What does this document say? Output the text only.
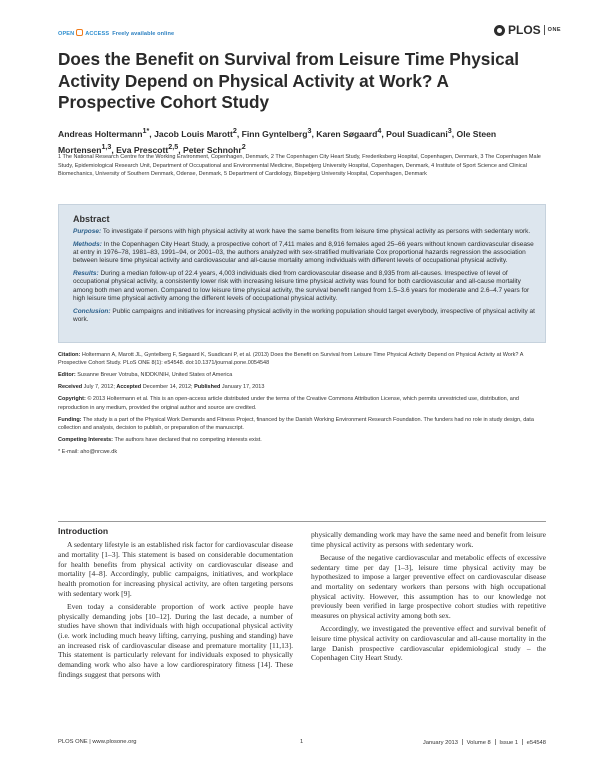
OPEN ACCESS Freely available online	PLOS ONE
Does the Benefit on Survival from Leisure Time Physical Activity Depend on Physical Activity at Work? A Prospective Cohort Study

Andreas Holtermann$^{1*}$, Jacob Louis Marott$^2$, Finn Gyntelberg$^3$, Karen Søgaard$^4$, Poul Suadicani$^3$, Ole Steen Mortensen$^{1,3}$, Eva Prescott$^{2,5}$, Peter Schnohr$^2$

1 The National Research Centre for the Working Environment, Copenhagen, Denmark, 2 The Copenhagen City Heart Study, Frederiksberg Hospital, Copenhagen, Denmark, 3 The Copenhagen Male Study, Epidemiological Research Unit, Department of Occupational and Environmental Medicine, Bispebjerg University Hospital, Copenhagen, Denmark, 4 Institute of Sport Science and Clinical Biomechanics, University of Southern Denmark, Odense, Denmark, 5 Department of Cardiology, Bispebjerg University Hospital, Copenhagen, Denmark

Abstract

Purpose: To investigate if persons with high physical activity at work have the same benefits from leisure time physical activity as persons with sedentary work.

Methods: In the Copenhagen City Heart Study, a prospective cohort of 7,411 males and 8,916 females aged 25–66 years without known cardiovascular disease at entry in 1976–78, 1981–83, 1991–94, or 2001–03, the authors analyzed with sex-stratified multivariate Cox proportional hazards regression the association between leisure time physical activity and cardiovascular and all-cause mortality among individuals with different levels of occupational physical activity.

Results: During a median follow-up of 22.4 years, 4,003 individuals died from cardiovascular disease and 8,935 from all-causes. Irrespective of level of occupational physical activity, a consistently lower risk with increasing leisure time physical activity was found for both cardiovascular and all-cause mortality among both men and women. Compared to low leisure time physical activity, the survival benefit ranged from 1.5–3.6 years for moderate and 2.6–4.7 years for high leisure time physical activity among the different levels of occupational physical activity.

Conclusion: Public campaigns and initiatives for increasing physical activity in the working population should target everybody, irrespective of physical activity at work.

Citation: Holtermann A, Marott JL, Gyntelberg F, Søgaard K, Suadicani P, et al. (2013) Does the Benefit on Survival from Leisure Time Physical Activity Depend on Physical Activity at Work? A Prospective Cohort Study. PLoS ONE 8(1): e54548. doi:10.1371/journal.pone.0054548

Editor: Susanne Breuer Votruba, NIDDK/NIH, United States of America

Received July 7, 2012; Accepted December 14, 2012; Published January 17, 2013

Copyright: © 2013 Holtermann et al. This is an open-access article distributed under the terms of the Creative Commons Attribution License, which permits unrestricted use, distribution, and reproduction in any medium, provided the original author and source are credited.

Funding: The study is a part of the Physical Work Demands and Fitness Project, financed by the Danish Working Environment Research Foundation. The funders had no role in study design, data collection and analysis, decision to publish, or preparation of the manuscript.

Competing Interests: The authors have declared that no competing interests exist.

* E-mail: aho@nrcwe.dk

Introduction

A sedentary lifestyle is an established risk factor for cardiovascular disease and mortality [1–3]. This statement is based on considerable documentation for health benefits from physical activity on cardiovascular disease and mortality [4–8]. Accordingly, public campaigns, initiatives, and workplace health promotion for increasing physical activity, are often targeting persons with sedentary work [9].

Even today a considerable proportion of work active people have physically demanding jobs [10–12]. During the last decade, a number of studies have shown that individuals with high occupational physical activity (i.e. work including much heavy lifting, carrying, pushing and standing) have an increased risk of cardiovascular disease and premature mortality [11,13]. This statement is particularly relevant for individuals exposed to physically demanding work who also have a low cardiorespiratory fitness [14]. These findings suggest that persons with

physically demanding work may have the same need and benefit from leisure time physical activity as persons with sedentary work.

Because of the negative cardiovascular and metabolic effects of excessive sedentary time per day [1–3], leisure time physical activity may be hypothesized to impose a larger preventive effect on cardiovascular disease and mortality on sedentary workers than persons with high occupational physical activity. However, this assumption has to our knowledge not previously been verified in large prospective cohort studies with repetitive measures on physical activity among both sex.

Accordingly, we investigated the preventive effect and survival benefit of leisure time physical activity on cardiovascular and all-cause mortality in the large Danish prospective cardiovascular epidemiological study – the Copenhagen City Heart Study.

PLOS ONE | www.plosone.org	1	January 2013 Volume 8 Issue 1 e54548
